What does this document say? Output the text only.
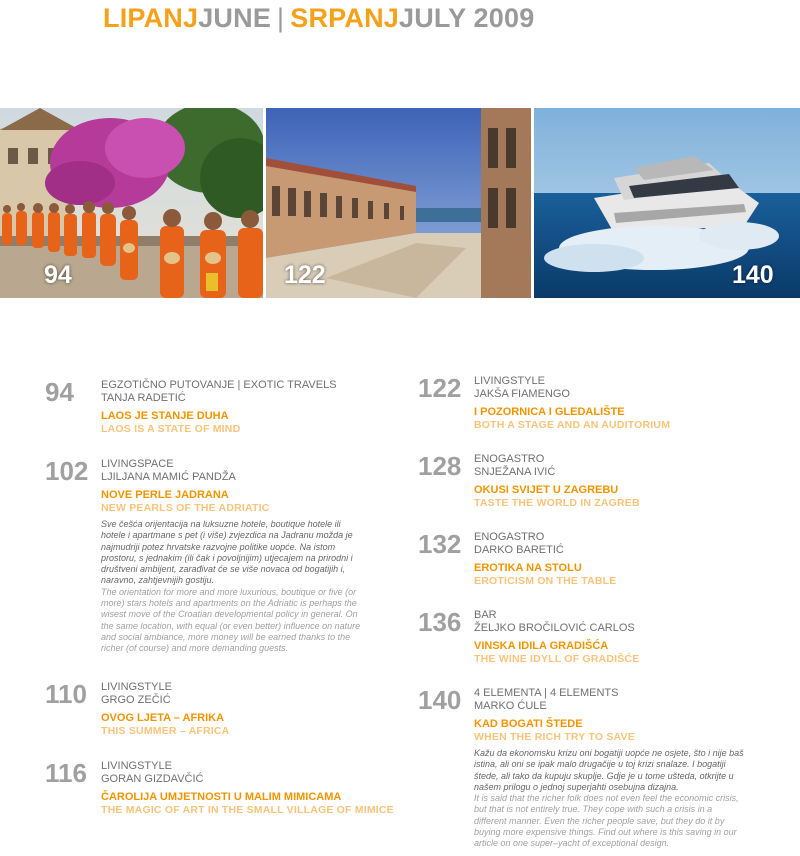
LIPANJJUNE | SRPANJJULY 2009
94	122	140
94 EGZOTIČNO PUTOVANJE | EXOTIC TRAVELS
TANJA RADETIĆ
LAOS JE STANJE DUHA
LAOS IS A STATE OF MIND
102 LIVINGSPACE
LJILJANA MAMIĆ PANDŽA
NOVE PERLE JADRANA
NEW PEARLS OF THE ADRIATIC
Sve češća orijentacija na luksuzne hotele, boutique hotele ili hotele i apartmane s pet (i više) zvjezdica na Jadranu možda je najmudriji potez hrvatske razvojne politike uopće. Na istom prostoru, s jednakim (ili čak i povoljnijim) utjecajem na prirodni i društveni ambijent, zarađivat će se više novaca od bogatijih i, naravno, zahtjevnijih gostiju.
The orientation for more and more luxurious, boutique or five (or more) stars hotels and apartments on the Adriatic is perhaps the wisest move of the Croatian developmental policy in general. On the same location, with equal (or even better) influence on nature and social ambiance, more money will be earned thanks to the richer (of course) and more demanding guests.
110 LIVINGSTYLE
GRGO ZEČIĆ
OVOG LJETA – AFRIKA
THIS SUMMER – AFRICA
116 LIVINGSTYLE
GORAN GIZDAVČIĆ
ČAROLIJA UMJETNOSTI U MALIM MIMICAMA
THE MAGIC OF ART IN THE SMALL VILLAGE OF MIMICE
122 LIVINGSTYLE
JAKŠA FIAMENGO
I POZORNICA I GLEDALIŠTE
BOTH A STAGE AND AN AUDITORIUM
128 ENOGASTRO
SNJEŽANA IVIĆ
OKUSI SVIJET U ZAGREBU
TASTE THE WORLD IN ZAGREB
132 ENOGASTRO
DARKO BARETIĆ
EROTIKA NA STOLU
EROTICISM ON THE TABLE
136 BAR
ŽELJKO BROČILOVIĆ CARLOS
VINSKA IDILA GRADIŠĆA
THE WINE IDYLL OF GRADIŠĆE
140 4 ELEMENTA | 4 ELEMENTS
MARKO ĆULE
KAD BOGATI ŠTEDE
WHEN THE RICH TRY TO SAVE
Kažu da ekonomsku krizu oni bogatiji uopće ne osjete, što i nije baš istina, ali oni se ipak malo drugačije u toj krizi snalaze. I bogatiji štede, ali tako da kupuju skuplje. Gdje je u tome ušteda, otkrijte u našem prilogu o jednoj superjahti osebujna dizajna.
It is said that the richer folk does not even feel the economic crisis, but that is not entirely true. They cope with such a crisis in a different manner. Even the richer people save, but they do it by buying more expensive things. Find out where is this saving in our article on one super–yacht of exceptional design.
